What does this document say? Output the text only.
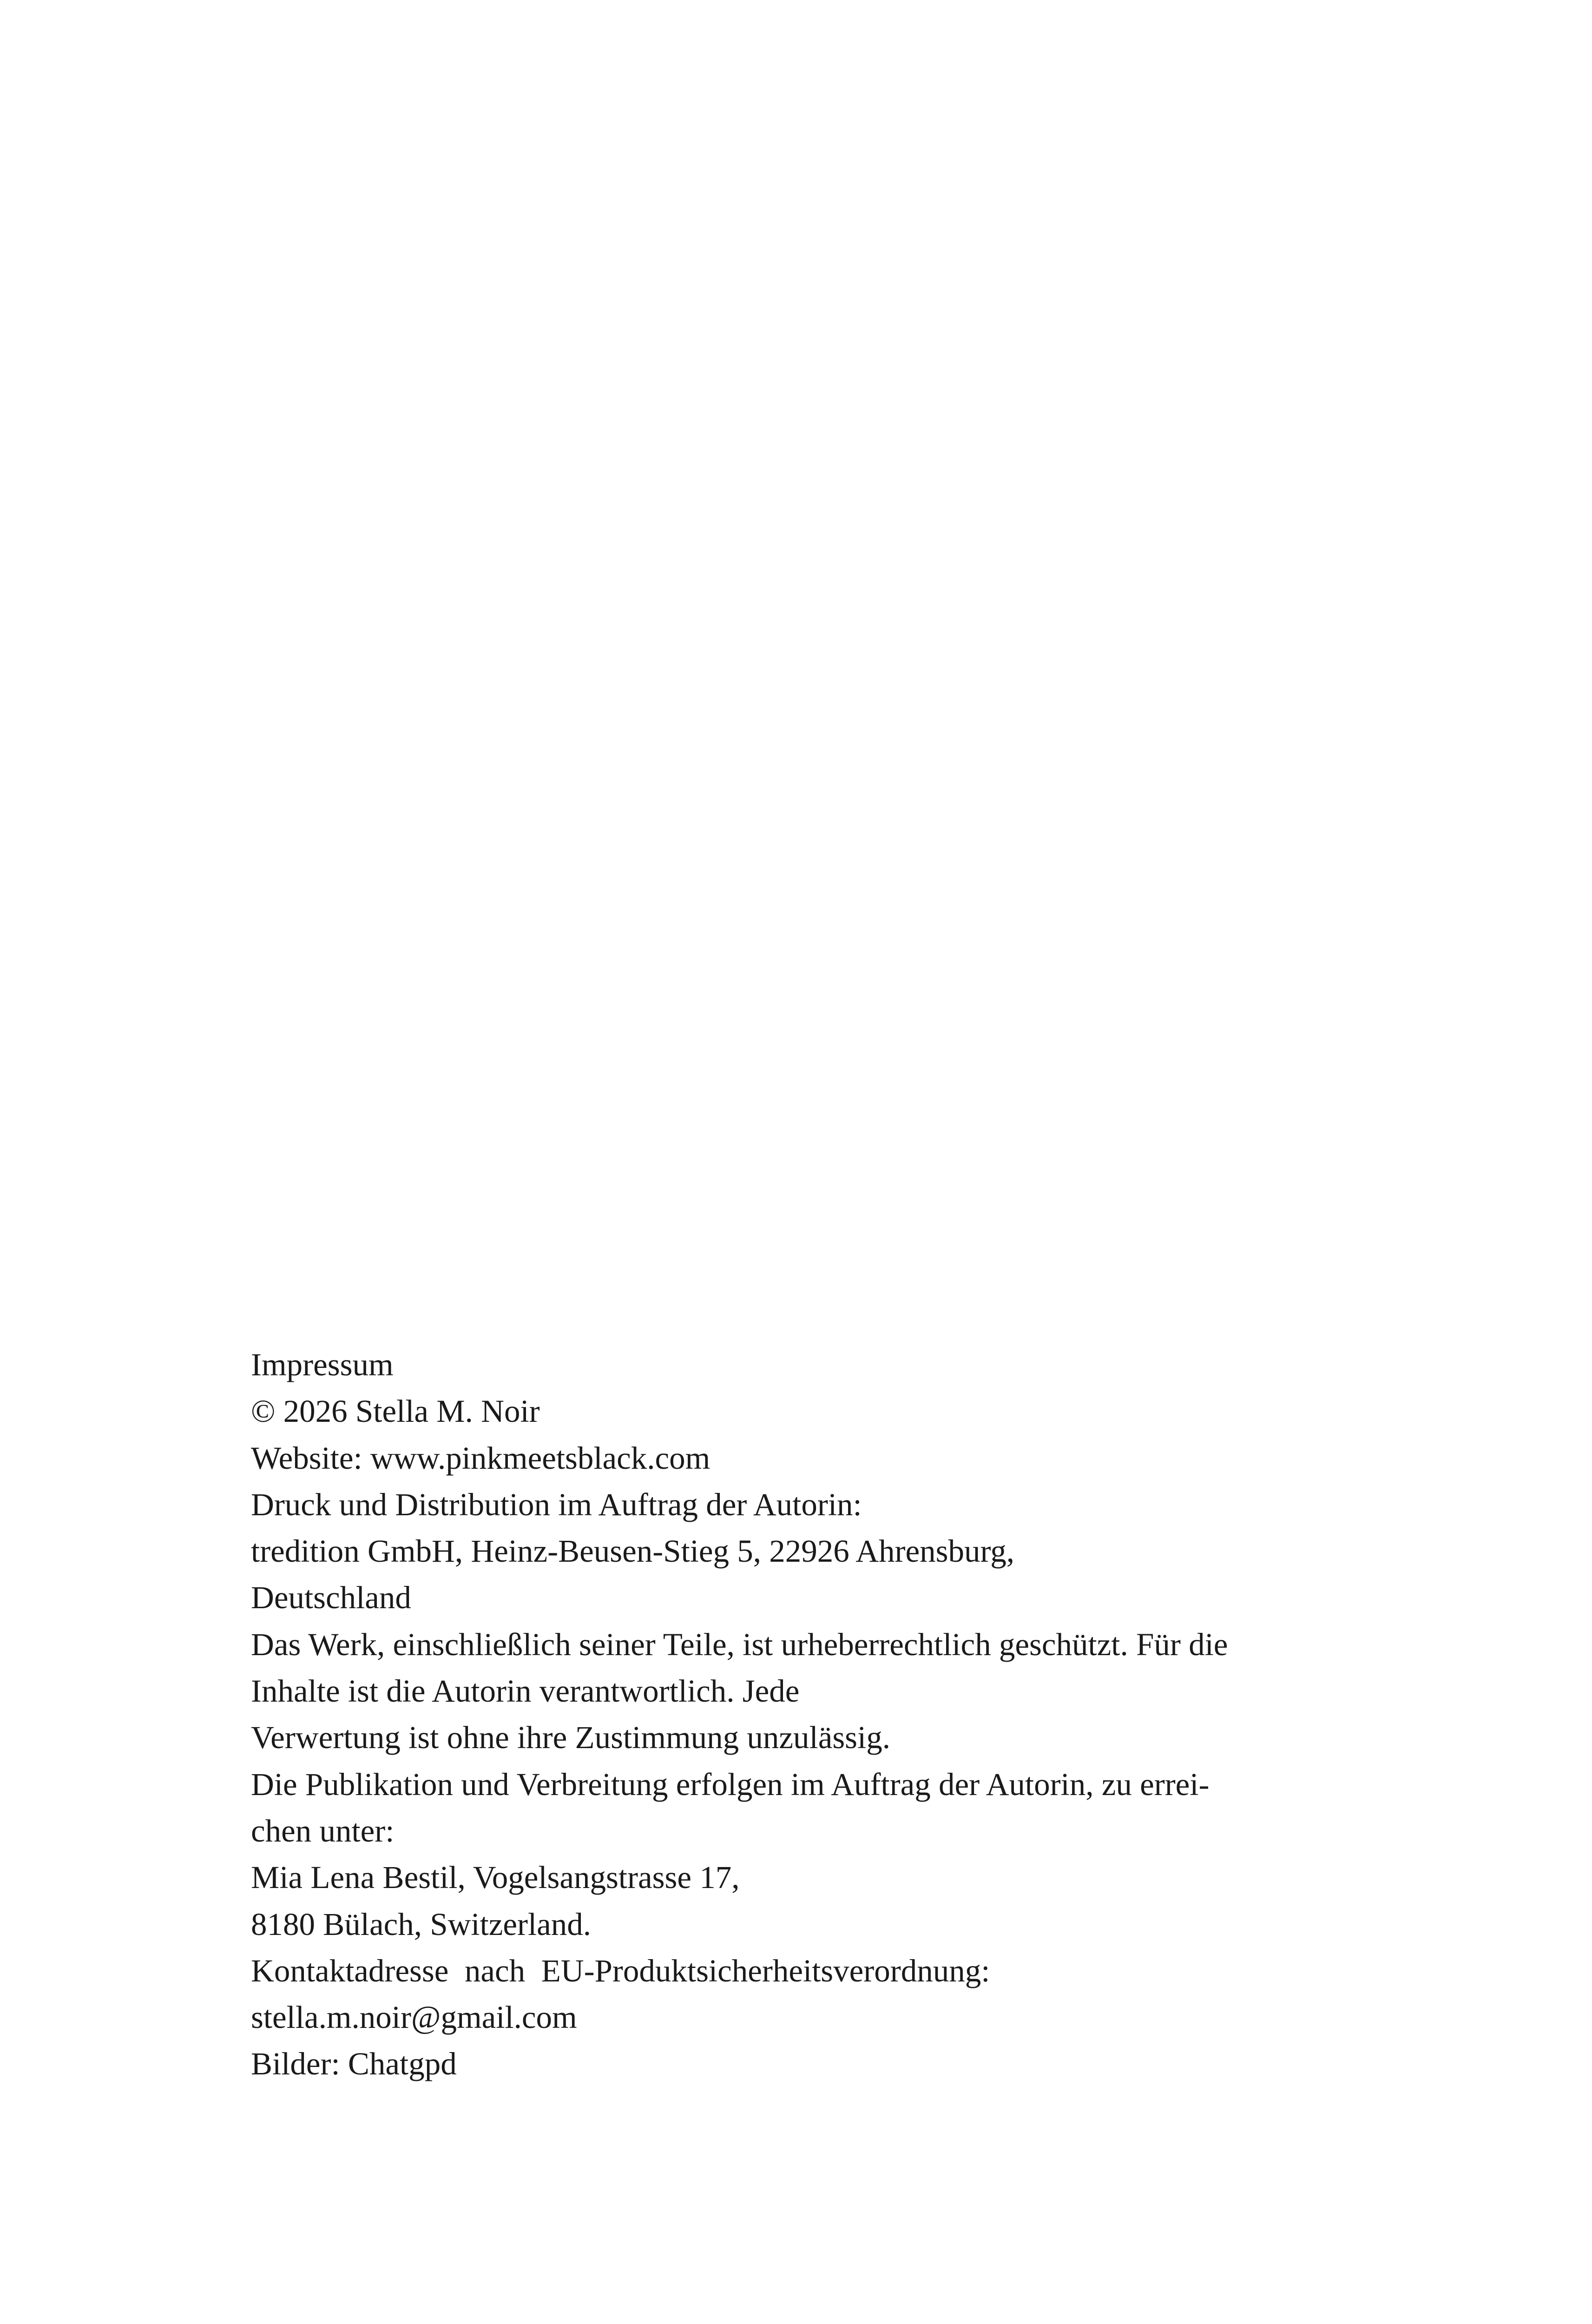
Impressum
© 2026 Stella M. Noir
Website: www.pinkmeetsblack.com
Druck und Distribution im Auftrag der Autorin:
tredition GmbH, Heinz-Beusen-Stieg 5, 22926 Ahrensburg,
Deutschland
Das Werk, einschließlich seiner Teile, ist urheberrechtlich geschützt. Für die
Inhalte ist die Autorin verantwortlich. Jede
Verwertung ist ohne ihre Zustimmung unzulässig.
Die Publikation und Verbreitung erfolgen im Auftrag der Autorin, zu errei-
chen unter:
Mia Lena Bestil, Vogelsangstrasse 17,
8180 Bülach, Switzerland.
Kontaktadresse  nach  EU-Produktsicherheitsverordnung:
stella.m.noir@gmail.com
Bilder: Chatgpd
